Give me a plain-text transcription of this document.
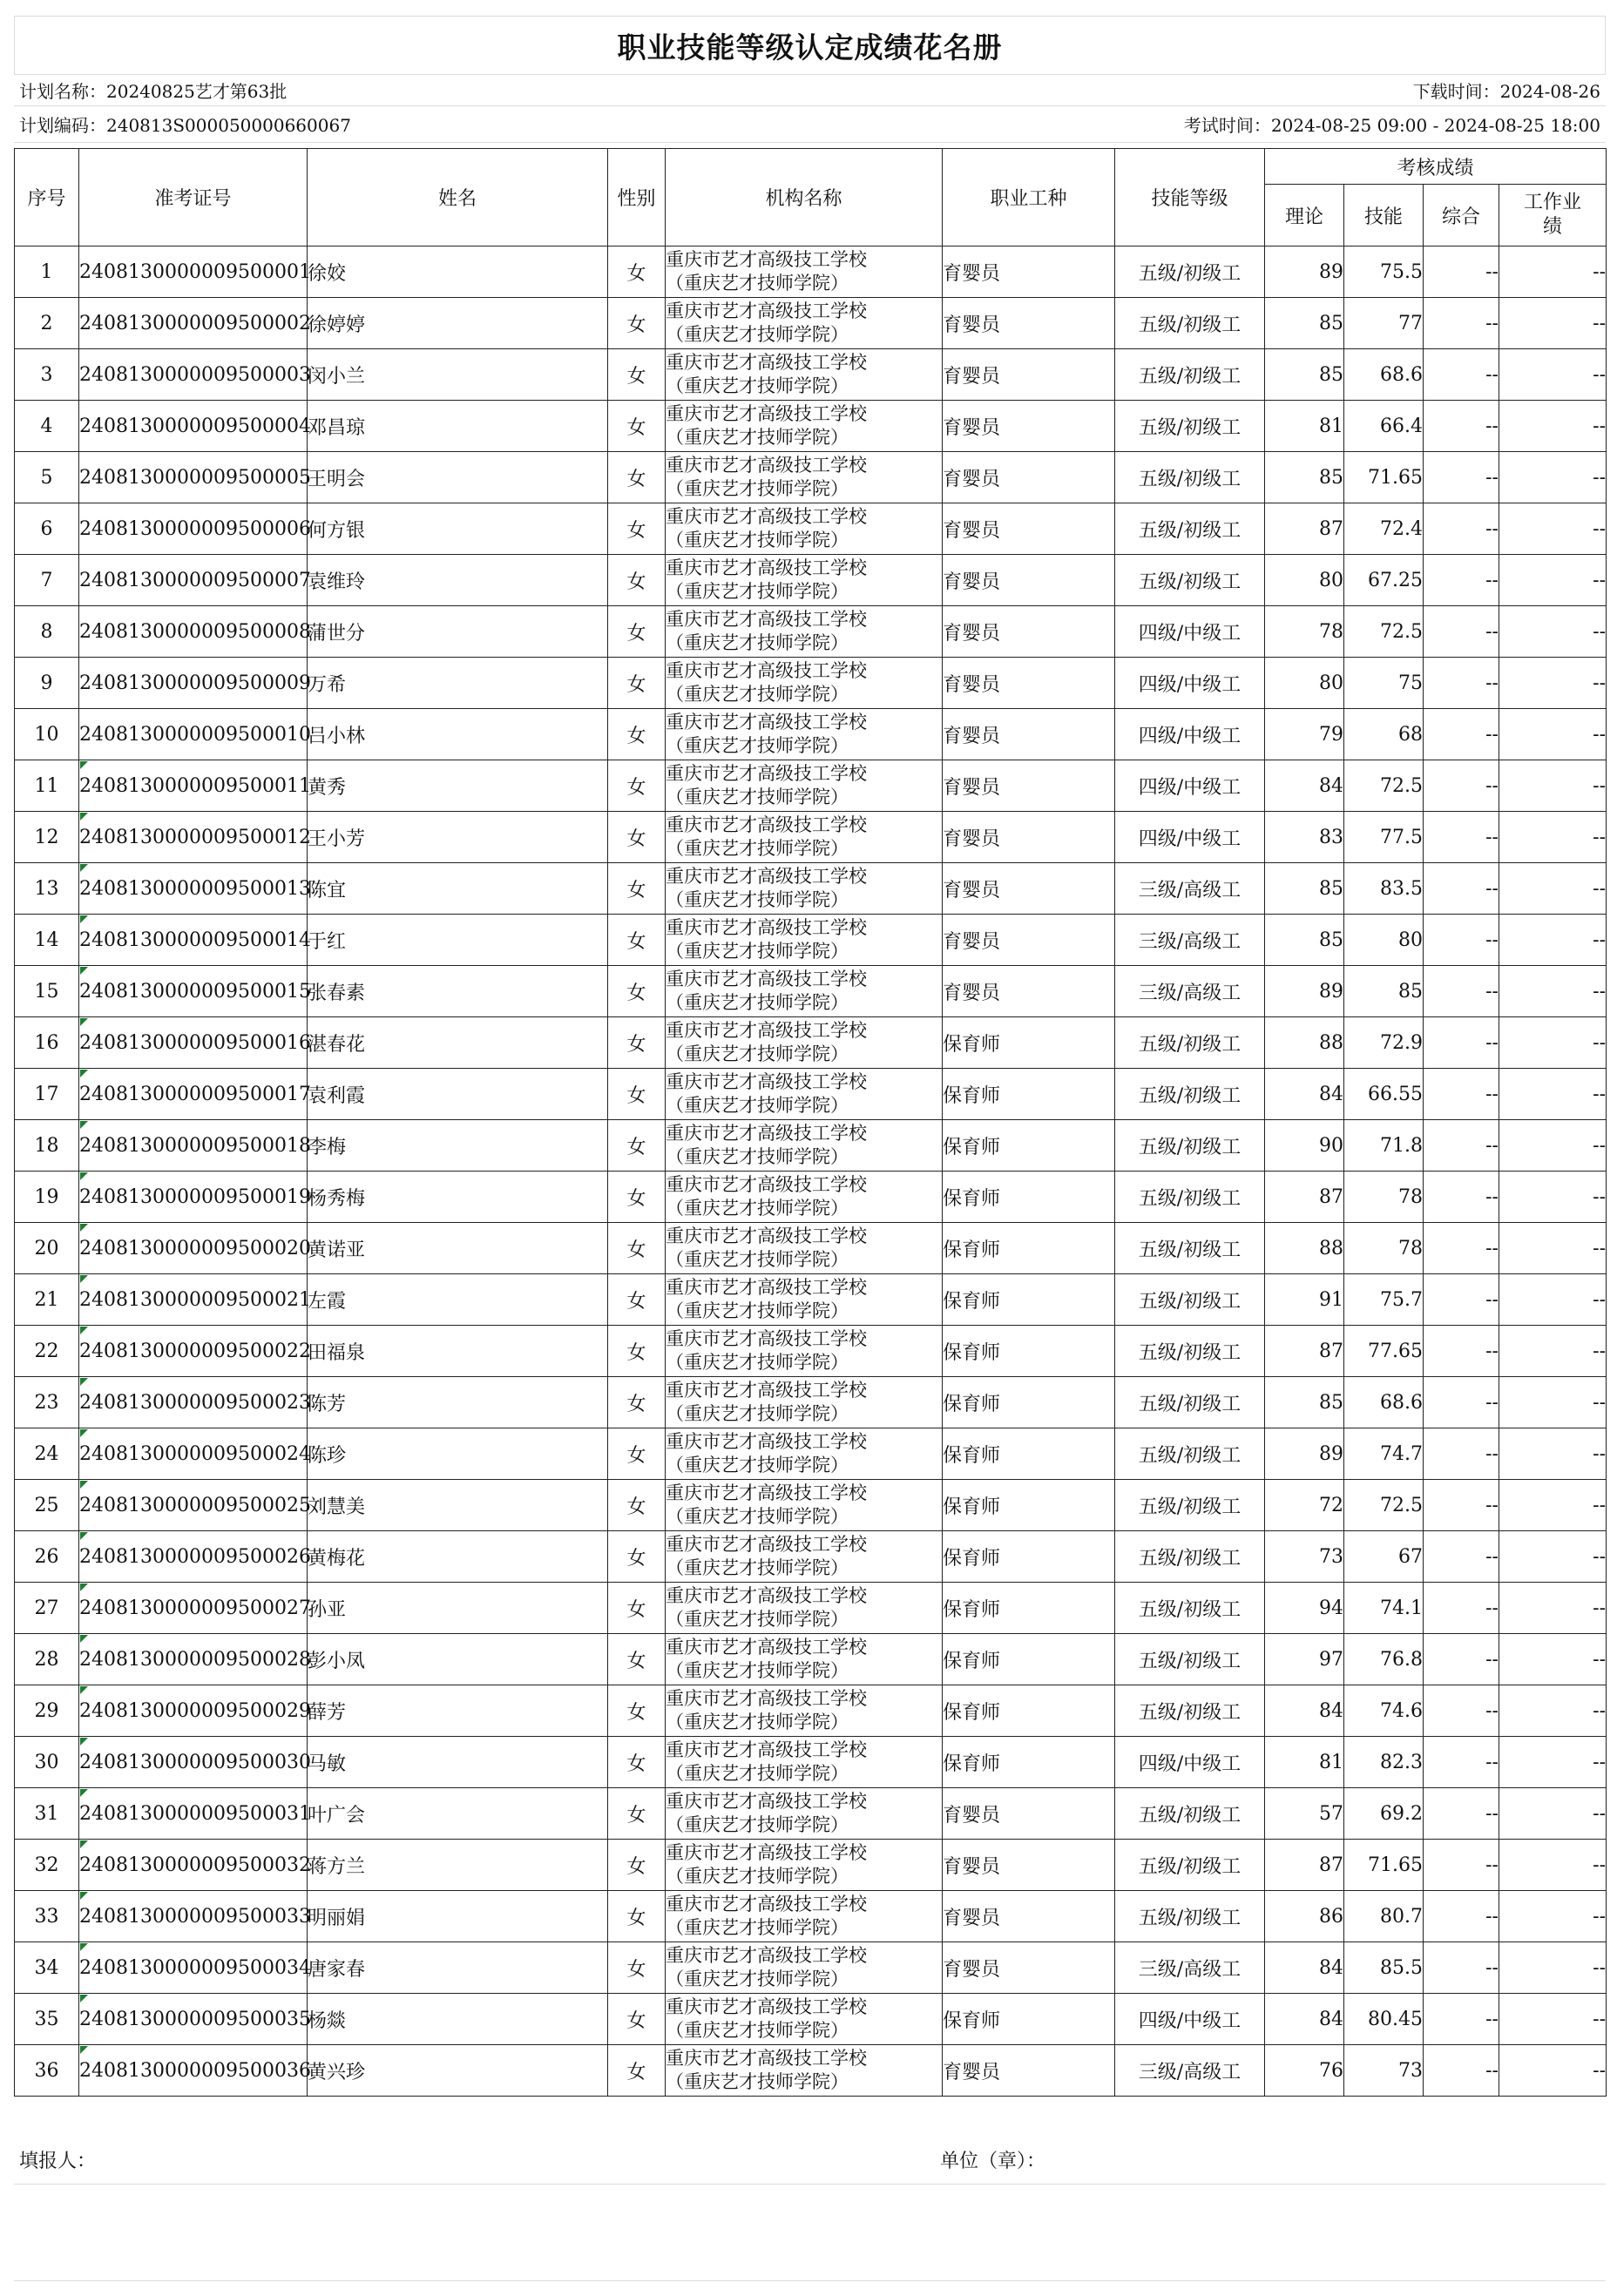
职业技能等级认定成绩花名册
计划名称：20240825艺才第63批	下载时间：2024-08-26
计划编码：240813S000050000660067	考试时间：2024-08-25 09:00 - 2024-08-25 18:00
序号	准考证号	姓名	性别	机构名称	职业工种	技能等级	考核成绩			
							理论	技能	综合	工作业绩
1	2408130000009500001	徐姣	女	重庆市艺才高级技工学校
（重庆艺才技师学院）	育婴员	五级/初级工	89	75.5	--	--
2	2408130000009500002	徐婷婷	女	重庆市艺才高级技工学校
（重庆艺才技师学院）	育婴员	五级/初级工	85	77	--	--
3	2408130000009500003	闵小兰	女	重庆市艺才高级技工学校
（重庆艺才技师学院）	育婴员	五级/初级工	85	68.6	--	--
4	2408130000009500004	邓昌琼	女	重庆市艺才高级技工学校
（重庆艺才技师学院）	育婴员	五级/初级工	81	66.4	--	--
5	2408130000009500005	王明会	女	重庆市艺才高级技工学校
（重庆艺才技师学院）	育婴员	五级/初级工	85	71.65	--	--
6	2408130000009500006	何方银	女	重庆市艺才高级技工学校
（重庆艺才技师学院）	育婴员	五级/初级工	87	72.4	--	--
7	2408130000009500007	袁维玲	女	重庆市艺才高级技工学校
（重庆艺才技师学院）	育婴员	五级/初级工	80	67.25	--	--
8	2408130000009500008	蒲世分	女	重庆市艺才高级技工学校
（重庆艺才技师学院）	育婴员	四级/中级工	78	72.5	--	--
9	2408130000009500009	万希	女	重庆市艺才高级技工学校
（重庆艺才技师学院）	育婴员	四级/中级工	80	75	--	--
10	2408130000009500010	吕小林	女	重庆市艺才高级技工学校
（重庆艺才技师学院）	育婴员	四级/中级工	79	68	--	--
11	2408130000009500011	黄秀	女	重庆市艺才高级技工学校
（重庆艺才技师学院）	育婴员	四级/中级工	84	72.5	--	--
12	2408130000009500012	王小芳	女	重庆市艺才高级技工学校
（重庆艺才技师学院）	育婴员	四级/中级工	83	77.5	--	--
13	2408130000009500013	陈宜	女	重庆市艺才高级技工学校
（重庆艺才技师学院）	育婴员	三级/高级工	85	83.5	--	--
14	2408130000009500014	于红	女	重庆市艺才高级技工学校
（重庆艺才技师学院）	育婴员	三级/高级工	85	80	--	--
15	2408130000009500015	张春素	女	重庆市艺才高级技工学校
（重庆艺才技师学院）	育婴员	三级/高级工	89	85	--	--
16	2408130000009500016	湛春花	女	重庆市艺才高级技工学校
（重庆艺才技师学院）	保育师	五级/初级工	88	72.9	--	--
17	2408130000009500017	袁利霞	女	重庆市艺才高级技工学校
（重庆艺才技师学院）	保育师	五级/初级工	84	66.55	--	--
18	2408130000009500018	李梅	女	重庆市艺才高级技工学校
（重庆艺才技师学院）	保育师	五级/初级工	90	71.8	--	--
19	2408130000009500019	杨秀梅	女	重庆市艺才高级技工学校
（重庆艺才技师学院）	保育师	五级/初级工	87	78	--	--
20	2408130000009500020	黄诺亚	女	重庆市艺才高级技工学校
（重庆艺才技师学院）	保育师	五级/初级工	88	78	--	--
21	2408130000009500021	左霞	女	重庆市艺才高级技工学校
（重庆艺才技师学院）	保育师	五级/初级工	91	75.7	--	--
22	2408130000009500022	田福泉	女	重庆市艺才高级技工学校
（重庆艺才技师学院）	保育师	五级/初级工	87	77.65	--	--
23	2408130000009500023	陈芳	女	重庆市艺才高级技工学校
（重庆艺才技师学院）	保育师	五级/初级工	85	68.6	--	--
24	2408130000009500024	陈珍	女	重庆市艺才高级技工学校
（重庆艺才技师学院）	保育师	五级/初级工	89	74.7	--	--
25	2408130000009500025	刘慧美	女	重庆市艺才高级技工学校
（重庆艺才技师学院）	保育师	五级/初级工	72	72.5	--	--
26	2408130000009500026	黄梅花	女	重庆市艺才高级技工学校
（重庆艺才技师学院）	保育师	五级/初级工	73	67	--	--
27	2408130000009500027	孙亚	女	重庆市艺才高级技工学校
（重庆艺才技师学院）	保育师	五级/初级工	94	74.1	--	--
28	2408130000009500028	彭小凤	女	重庆市艺才高级技工学校
（重庆艺才技师学院）	保育师	五级/初级工	97	76.8	--	--
29	2408130000009500029	薛芳	女	重庆市艺才高级技工学校
（重庆艺才技师学院）	保育师	五级/初级工	84	74.6	--	--
30	2408130000009500030	马敏	女	重庆市艺才高级技工学校
（重庆艺才技师学院）	保育师	四级/中级工	81	82.3	--	--
31	2408130000009500031	叶广会	女	重庆市艺才高级技工学校
（重庆艺才技师学院）	育婴员	五级/初级工	57	69.2	--	--
32	2408130000009500032	蒋方兰	女	重庆市艺才高级技工学校
（重庆艺才技师学院）	育婴员	五级/初级工	87	71.65	--	--
33	2408130000009500033	明丽娟	女	重庆市艺才高级技工学校
（重庆艺才技师学院）	育婴员	五级/初级工	86	80.7	--	--
34	2408130000009500034	唐家春	女	重庆市艺才高级技工学校
（重庆艺才技师学院）	育婴员	三级/高级工	84	85.5	--	--
35	2408130000009500035	杨燚	女	重庆市艺才高级技工学校
（重庆艺才技师学院）	保育师	四级/中级工	84	80.45	--	--
36	2408130000009500036	黄兴珍	女	重庆市艺才高级技工学校
（重庆艺才技师学院）	育婴员	三级/高级工	76	73	--	--
填报人：	单位（章）：
